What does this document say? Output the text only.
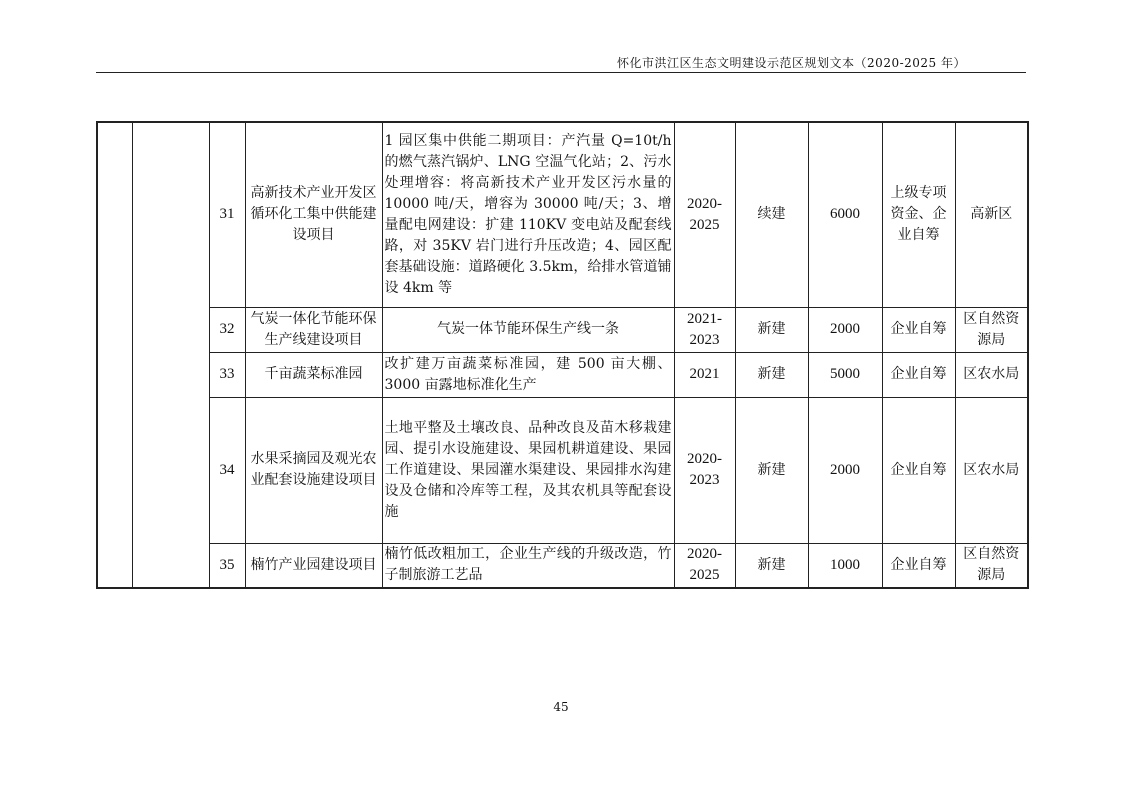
怀化市洪江区生态文明建设示范区规划文本（2020-2025 年）
		31	高新技术产业开发区循环化工集中供能建设项目	1 园区集中供能二期项目：产汽量 Q=10t/h 的燃气蒸汽锅炉、LNG 空温气化站；2、污水处理增容：将高新技术产业开发区污水量的 10000 吨/天，增容为 30000 吨/天；3、增量配电网建设：扩建 110KV 变电站及配套线路，对 35KV 岩门进行升压改造；4、园区配套基础设施：道路硬化 3.5km，给排水管道铺设 4km 等	2020-2025	续建	6000	上级专项资金、企业自筹	高新区
		32	气炭一体化节能环保生产线建设项目	气炭一体节能环保生产线一条	2021-2023	新建	2000	企业自筹	区自然资源局
		33	千亩蔬菜标准园	改扩建万亩蔬菜标准园，建 500 亩大棚、3000 亩露地标准化生产	2021	新建	5000	企业自筹	区农水局
		34	水果采摘园及观光农业配套设施建设项目	土地平整及土壤改良、品种改良及苗木移栽建园、提引水设施建设、果园机耕道建设、果园工作道建设、果园灌水渠建设、果园排水沟建设及仓储和冷库等工程，及其农机具等配套设施	2020-2023	新建	2000	企业自筹	区农水局
		35	楠竹产业园建设项目	楠竹低改粗加工，企业生产线的升级改造，竹子制旅游工艺品	2020-2025	新建	1000	企业自筹	区自然资源局
45
